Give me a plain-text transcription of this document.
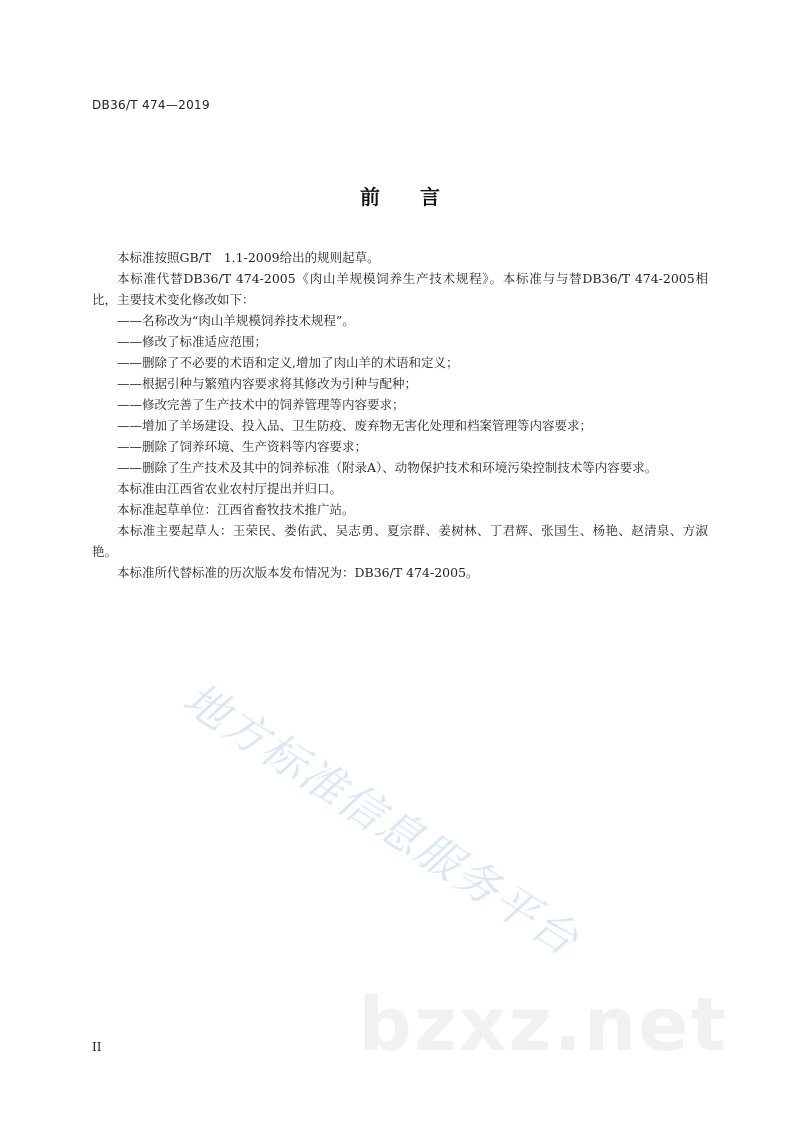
DB36/T 474—2019
前 言

本标准按照GB/T　1.1-2009给出的规则起草。

本标准代替DB36/T 474-2005《肉山羊规模饲养生产技术规程》。本标准与与替DB36/T 474-2005相比，主要技术变化修改如下：

——名称改为“肉山羊规模饲养技术规程”。

——修改了标准适应范围；

——删除了不必要的术语和定义,增加了肉山羊的术语和定义；

——根据引种与繁殖内容要求将其修改为引种与配种；

——修改完善了生产技术中的饲养管理等内容要求；

——增加了羊场建设、投入品、卫生防疫、废弃物无害化处理和档案管理等内容要求；

——删除了饲养环境、生产资料等内容要求；

——删除了生产技术及其中的饲养标准（附录A）、动物保护技术和环境污染控制技术等内容要求。

本标准由江西省农业农村厅提出并归口。

本标准起草单位：江西省畜牧技术推广站。

本标准主要起草人：王荣民、娄佑武、吴志勇、夏宗群、姜树林、丁君辉、张国生、杨艳、赵清泉、方淑艳。

本标准所代替标准的历次版本发布情况为：DB36/T 474-2005。

地方标准信息服务平台
bzxz.net
II
